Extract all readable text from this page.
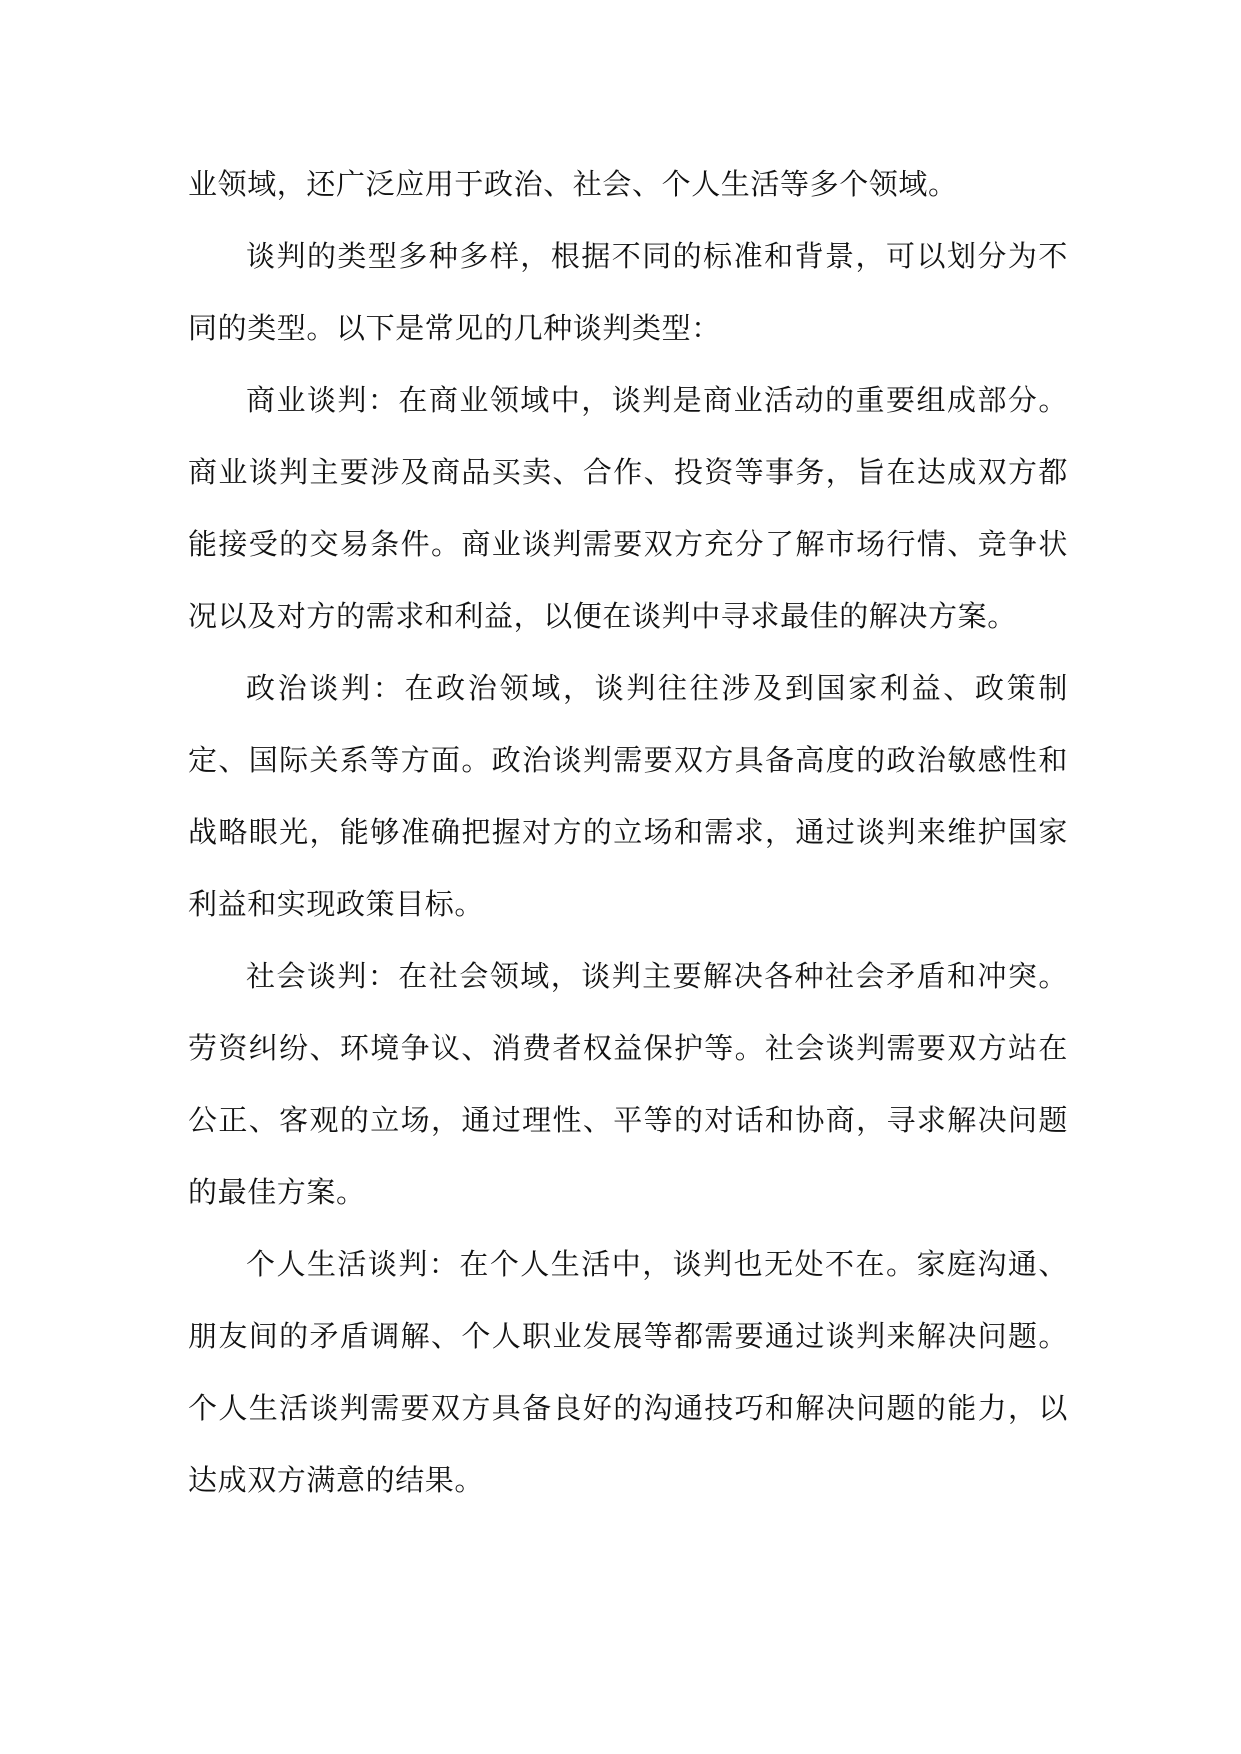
业领域，还广泛应用于政治、社会、个人生活等多个领域。

谈判的类型多种多样，根据不同的标准和背景，可以划分为不同的类型。以下是常见的几种谈判类型：

商业谈判：在商业领域中，谈判是商业活动的重要组成部分。商业谈判主要涉及商品买卖、合作、投资等事务，旨在达成双方都能接受的交易条件。商业谈判需要双方充分了解市场行情、竞争状况以及对方的需求和利益，以便在谈判中寻求最佳的解决方案。

政治谈判：在政治领域，谈判往往涉及到国家利益、政策制定、国际关系等方面。政治谈判需要双方具备高度的政治敏感性和战略眼光，能够准确把握对方的立场和需求，通过谈判来维护国家利益和实现政策目标。

社会谈判：在社会领域，谈判主要解决各种社会矛盾和冲突。劳资纠纷、环境争议、消费者权益保护等。社会谈判需要双方站在公正、客观的立场，通过理性、平等的对话和协商，寻求解决问题的最佳方案。

个人生活谈判：在个人生活中，谈判也无处不在。家庭沟通、朋友间的矛盾调解、个人职业发展等都需要通过谈判来解决问题。个人生活谈判需要双方具备良好的沟通技巧和解决问题的能力，以达成双方满意的结果。
